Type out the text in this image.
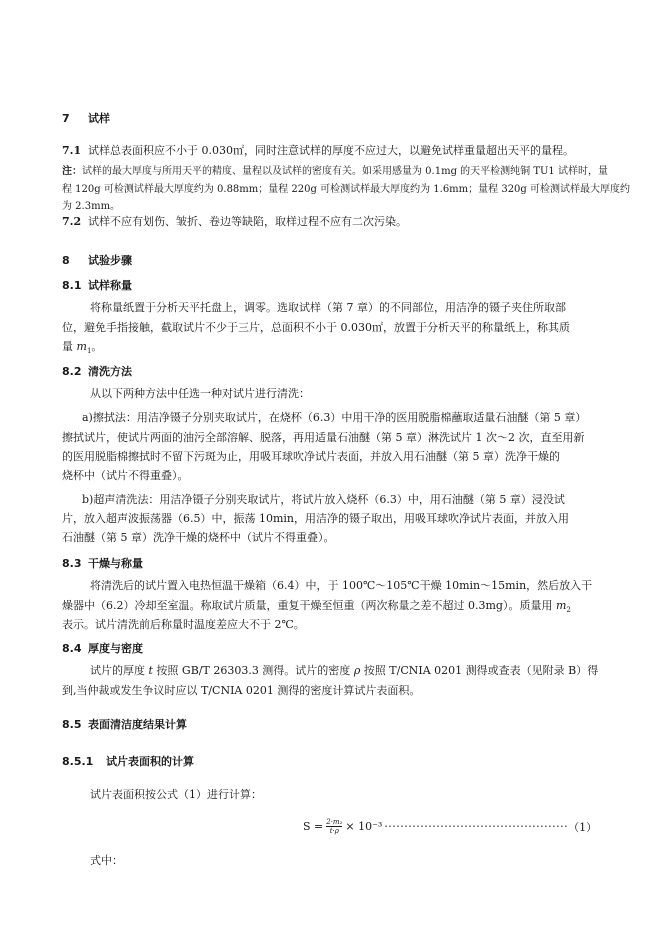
7 试样
7.1 试样总表面积应不小于 0.030㎡，同时注意试样的厚度不应过大，以避免试样重量超出天平的量程。
注：试样的最大厚度与所用天平的精度、量程以及试样的密度有关。如采用感量为 0.1mg 的天平检测纯铜 TU1 试样时，量
程 120g 可检测试样最大厚度约为 0.88mm；量程 220g 可检测试样最大厚度约为 1.6mm；量程 320g 可检测试样最大厚度约
为 2.3mm。
7.2 试样不应有划伤、皱折、卷边等缺陷，取样过程不应有二次污染。
8 试验步骤
8.1 试样称量
将称量纸置于分析天平托盘上，调零。选取试样（第 7 章）的不同部位，用洁净的镊子夹住所取部
位，避免手指接触，截取试片不少于三片，总面积不小于 0.030㎡，放置于分析天平的称量纸上，称其质
量 $m_1$。
8.2 清洗方法
从以下两种方法中任选一种对试片进行清洗：
a)擦拭法：用洁净镊子分别夹取试片，在烧杯（6.3）中用干净的医用脱脂棉蘸取适量石油醚（第 5 章）
擦拭试片，使试片两面的油污全部溶解、脱落，再用适量石油醚（第 5 章）淋洗试片 1 次～2 次，直至用新
的医用脱脂棉擦拭时不留下污斑为止，用吸耳球吹净试片表面，并放入用石油醚（第 5 章）洗净干燥的
烧杯中（试片不得重叠）。
b)超声清洗法：用洁净镊子分别夹取试片，将试片放入烧杯（6.3）中，用石油醚（第 5 章）浸没试
片，放入超声波振荡器（6.5）中，振荡 10min，用洁净的镊子取出，用吸耳球吹净试片表面，并放入用
石油醚（第 5 章）洗净干燥的烧杯中（试片不得重叠）。
8.3 干燥与称量
将清洗后的试片置入电热恒温干燥箱（6.4）中，于 100℃～105℃干燥 10min～15min，然后放入干
燥器中（6.2）冷却至室温。称取试片质量，重复干燥至恒重（两次称量之差不超过 0.3mg）。质量用 $m_2$
表示。试片清洗前后称量时温度差应大不于 2℃。
8.4 厚度与密度
试片的厚度 t 按照 GB/T 26303.3 测得。试片的密度 ρ 按照 T/CNIA 0201 测得或查表（见附录 B）得
到,当仲裁或发生争议时应以 T/CNIA 0201 测得的密度计算试片表面积。
8.5 表面清洁度结果计算
8.5.1 试片表面积的计算
试片表面积按公式（1）进行计算：
$S = \frac{\text{2·m₂}}{t\cdot\rho} \times 10^{-3}$ ·············································· （1）
式中：
